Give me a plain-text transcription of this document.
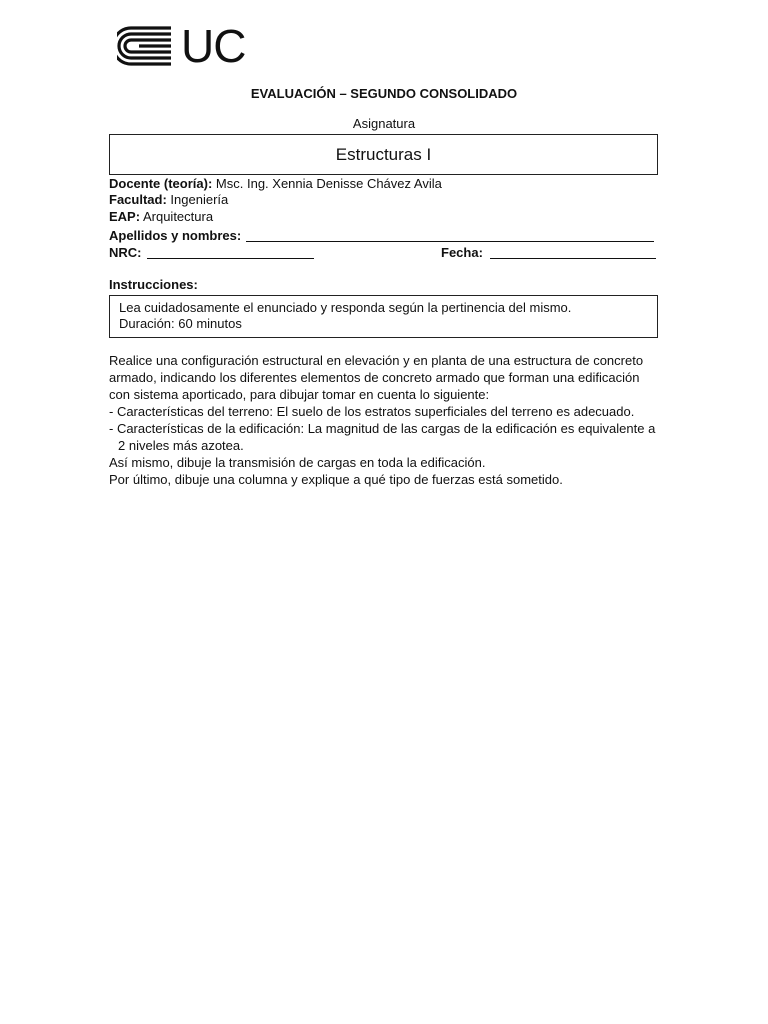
UC
EVALUACIÓN – SEGUNDO CONSOLIDADO
Asignatura
Estructuras I
Docente (teoría): Msc. Ing. Xennia Denisse Chávez Avila
Facultad: Ingeniería
EAP: Arquitectura
Apellidos y nombres:
NRC:	Fecha:
Instrucciones:
Lea cuidadosamente el enunciado y responda según la pertinencia del mismo.
Duración: 60 minutos

Realice una configuración estructural en elevación y en planta de una estructura de concreto armado, indicando los diferentes elementos de concreto armado que forman una edificación con sistema aporticado, para dibujar tomar en cuenta lo siguiente:

- Características del terreno: El suelo de los estratos superficiales del terreno es adecuado.

- Características de la edificación: La magnitud de las cargas de la edificación es equivalente a 2 niveles más azotea.

Así mismo, dibuje la transmisión de cargas en toda la edificación.

Por último, dibuje una columna y explique a qué tipo de fuerzas está sometido.
